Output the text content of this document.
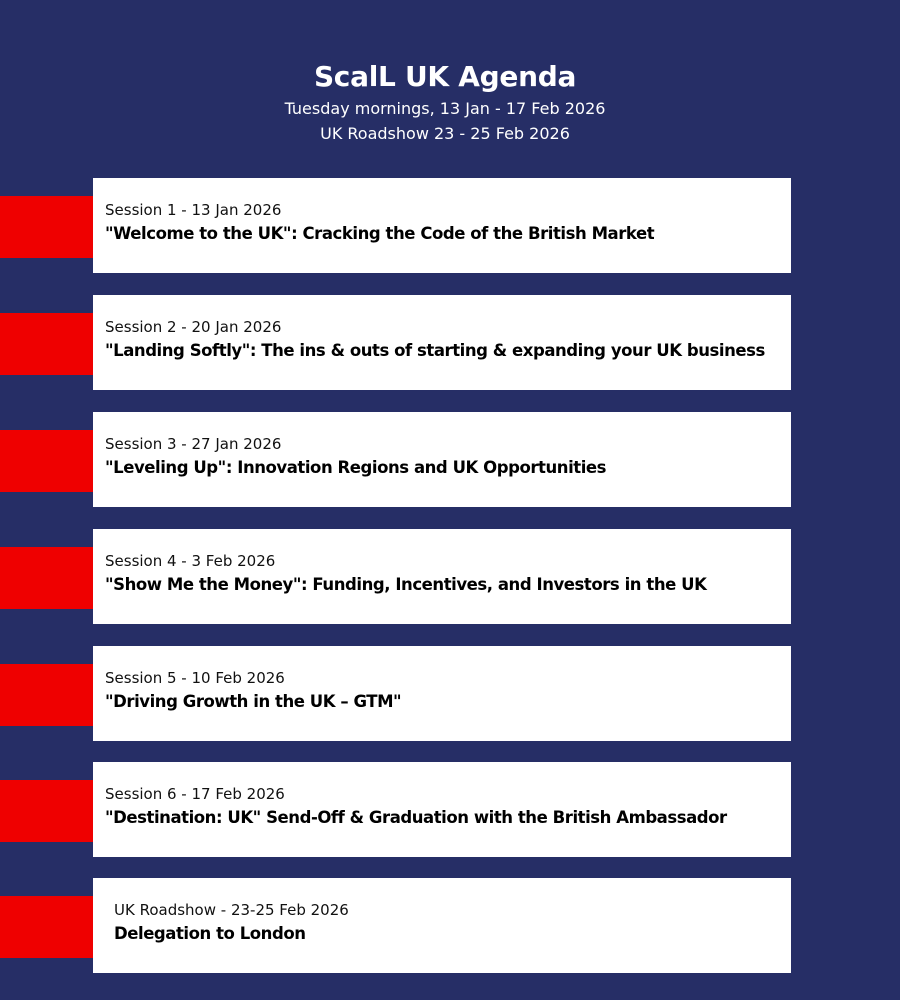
ScalL UK Agenda
Tuesday mornings, 13 Jan - 17 Feb 2026
UK Roadshow 23 - 25 Feb 2026
Session 1 - 13 Jan 2026
"Welcome to the UK": Cracking the Code of the British Market
Session 2 - 20 Jan 2026
"Landing Softly": The ins & outs of starting & expanding your UK business
Session 3 - 27 Jan 2026
"Leveling Up": Innovation Regions and UK Opportunities
Session 4 - 3 Feb 2026
"Show Me the Money": Funding, Incentives, and Investors in the UK
Session 5 - 10 Feb 2026
"Driving Growth in the UK – GTM"
Session 6 - 17 Feb 2026
"Destination: UK" Send-Off & Graduation with the British Ambassador
UK Roadshow - 23-25 Feb 2026
Delegation to London
